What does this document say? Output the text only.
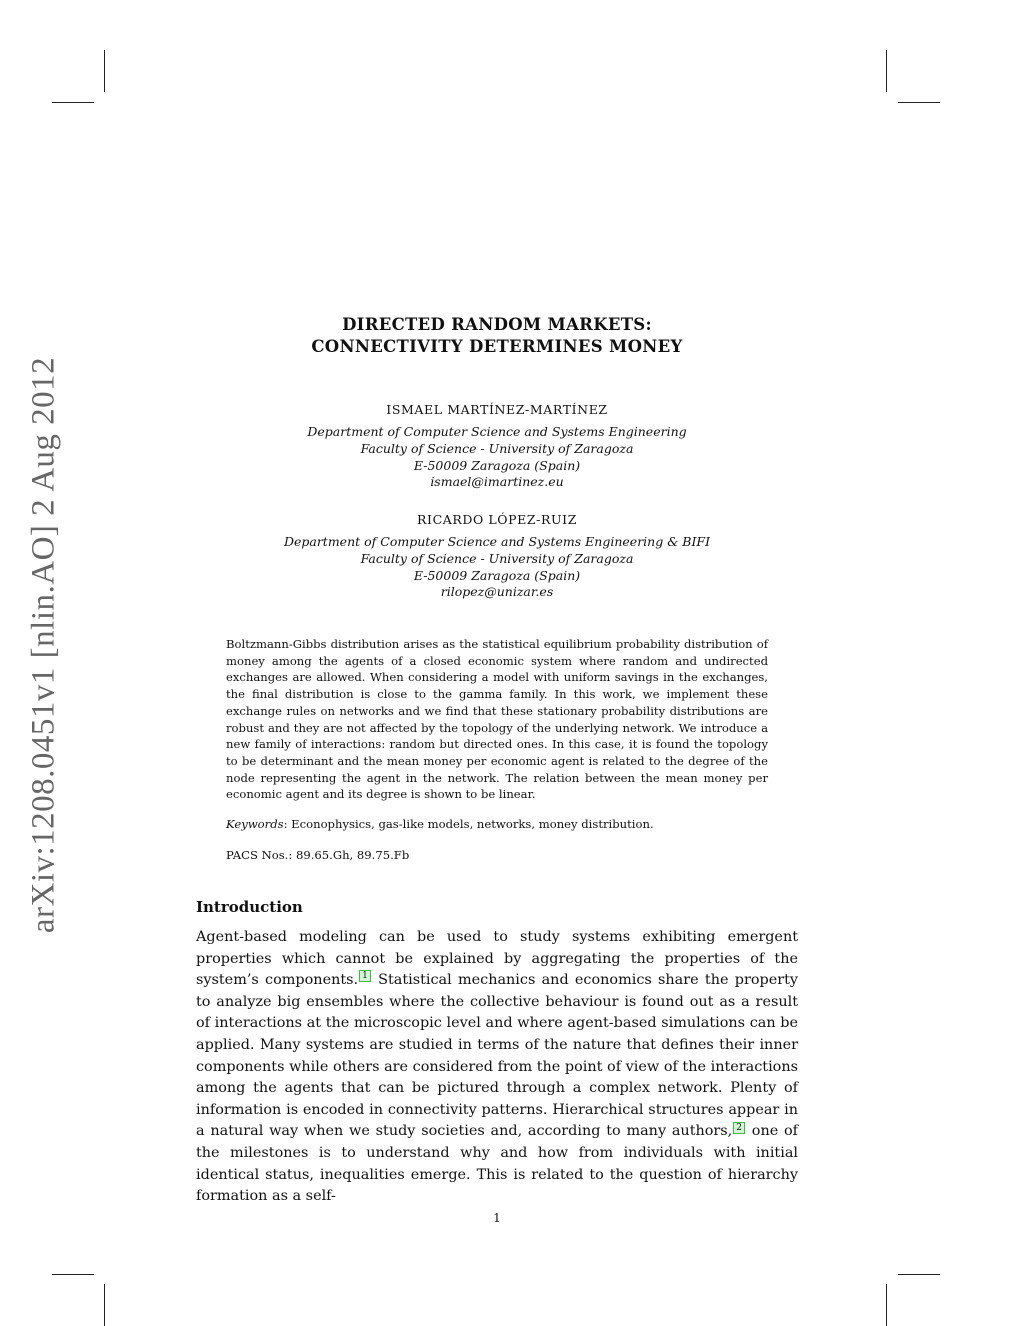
arXiv:1208.0451v1 [nlin.AO] 2 Aug 2012
DIRECTED RANDOM MARKETS:
CONNECTIVITY DETERMINES MONEY
ISMAEL MARTÍNEZ-MARTÍNEZ
Department of Computer Science and Systems Engineering
Faculty of Science - University of Zaragoza
E-50009 Zaragoza (Spain)
ismael@imartinez.eu
RICARDO LÓPEZ-RUIZ
Department of Computer Science and Systems Engineering & BIFI
Faculty of Science - University of Zaragoza
E-50009 Zaragoza (Spain)
rilopez@unizar.es
Boltzmann-Gibbs distribution arises as the statistical equilibrium probability distribution of money among the agents of a closed economic system where random and undirected exchanges are allowed. When considering a model with uniform savings in the exchanges, the final distribution is close to the gamma family. In this work, we implement these exchange rules on networks and we find that these stationary probability distributions are robust and they are not affected by the topology of the underlying network. We introduce a new family of interactions: random but directed ones. In this case, it is found the topology to be determinant and the mean money per economic agent is related to the degree of the node representing the agent in the network. The relation between the mean money per economic agent and its degree is shown to be linear.
Keywords: Econophysics, gas-like models, networks, money distribution.
PACS Nos.: 89.65.Gh, 89.75.Fb
Introduction
Agent-based modeling can be used to study systems exhibiting emergent properties which cannot be explained by aggregating the properties of the system’s components. 1 Statistical mechanics and economics share the property to analyze big ensembles where the collective behaviour is found out as a result of interactions at the microscopic level and where agent-based simulations can be applied. Many systems are studied in terms of the nature that defines their inner components while others are considered from the point of view of the interactions among the agents that can be pictured through a complex network. Plenty of information is encoded in connectivity patterns. Hierarchical structures appear in a natural way when we study societies and, according to many authors, 2 one of the milestones is to understand why and how from individuals with initial identical status, inequalities emerge. This is related to the question of hierarchy formation as a self-
1
